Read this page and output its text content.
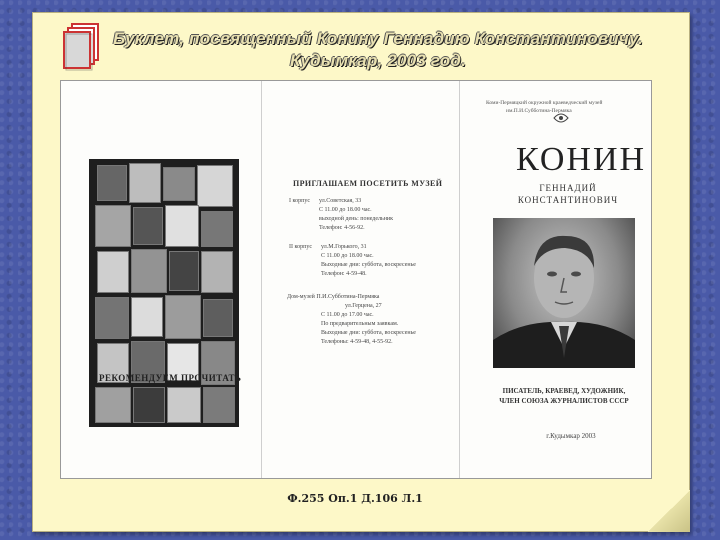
Буклет, посвященный Конину Геннадию Константиновичу.
Кудымкар, 2003 год.
РЕКОМЕНДУЕМ ПРОЧИТАТЬ
ПРИГЛАШАЕМ ПОСЕТИТЬ МУЗЕЙ
I корпус ул.Советская, 33
С 11.00 до 18.00 час.
выходной день: понедельник
Телефон: 4-56-92.
II корпус ул.М.Горького, 31
С 11.00 до 18.00 час.
Выходные дни: суббота, воскресенье
Телефон: 4-59-48.
Дом-музей П.И.Субботина-Пермяка
ул.Герцена, 27
С 11.00 до 17.00 час.
По предварительным заявкам.
Выходные дни: суббота, воскресенье
Телефоны: 4-59-48, 4-55-92.
Коми-Пермяцкий окружной краеведческий музей
им.П.И.Субботина-Пермяка
КОНИН
ГЕННАДИЙ
КОНСТАНТИНОВИЧ
ПИСАТЕЛЬ, КРАЕВЕД, ХУДОЖНИК,
ЧЛЕН СОЮЗА ЖУРНАЛИСТОВ СССР
г.Кудымкар 2003
Ф.255 Оп.1 Д.106 Л.1
